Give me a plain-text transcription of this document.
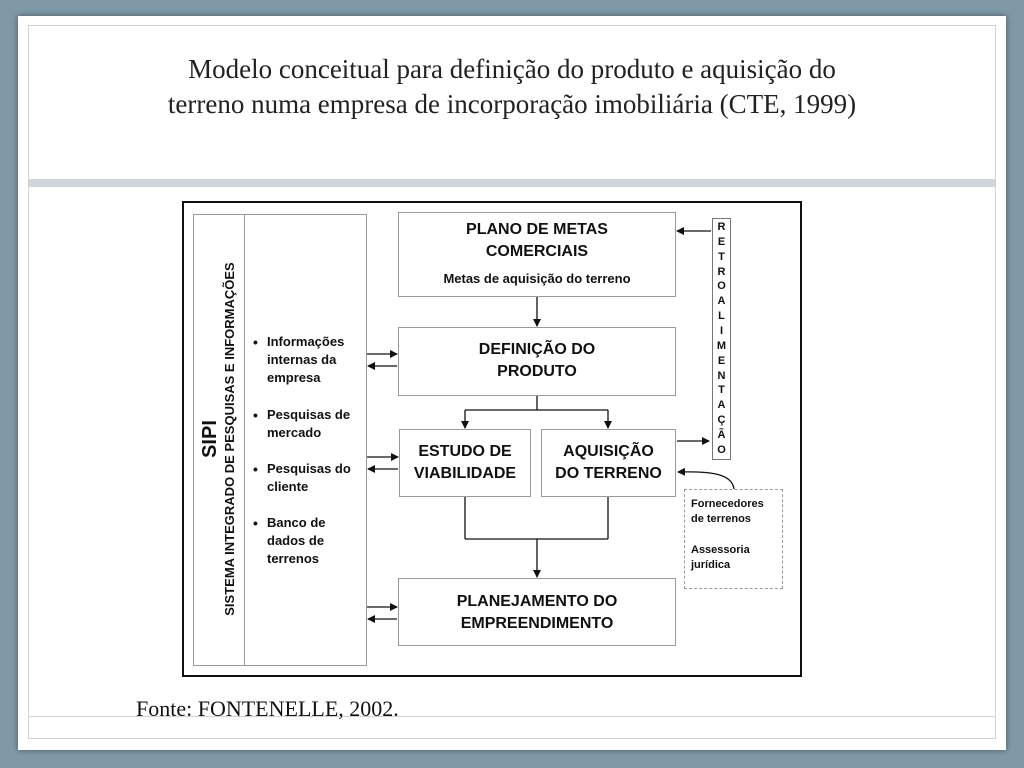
Modelo conceitual para definição do produto e aquisição do
terreno numa empresa de incorporação imobiliária (CTE, 1999)
SIPI SISTEMA INTEGRADO DE PESQUISAS E INFORMAÇÕES • Informações internas da empresa
• Pesquisas de mercado
• Pesquisas do cliente
• Banco de dados de terrenos
PLANO DE METAS
COMERCIAIS
Metas de aquisição do terreno
DEFINIÇÃO DO
PRODUTO
ESTUDO DE
VIABILIDADE
AQUISIÇÃO
DO TERRENO
PLANEJAMENTO DO
EMPREENDIMENTO
R
E
T
R
O
A
L
I
M
E
N
T
A
Ç
Ã
O
Fornecedores
de terrenos
Assessoria
jurídica
Fonte: FONTENELLE, 2002.
